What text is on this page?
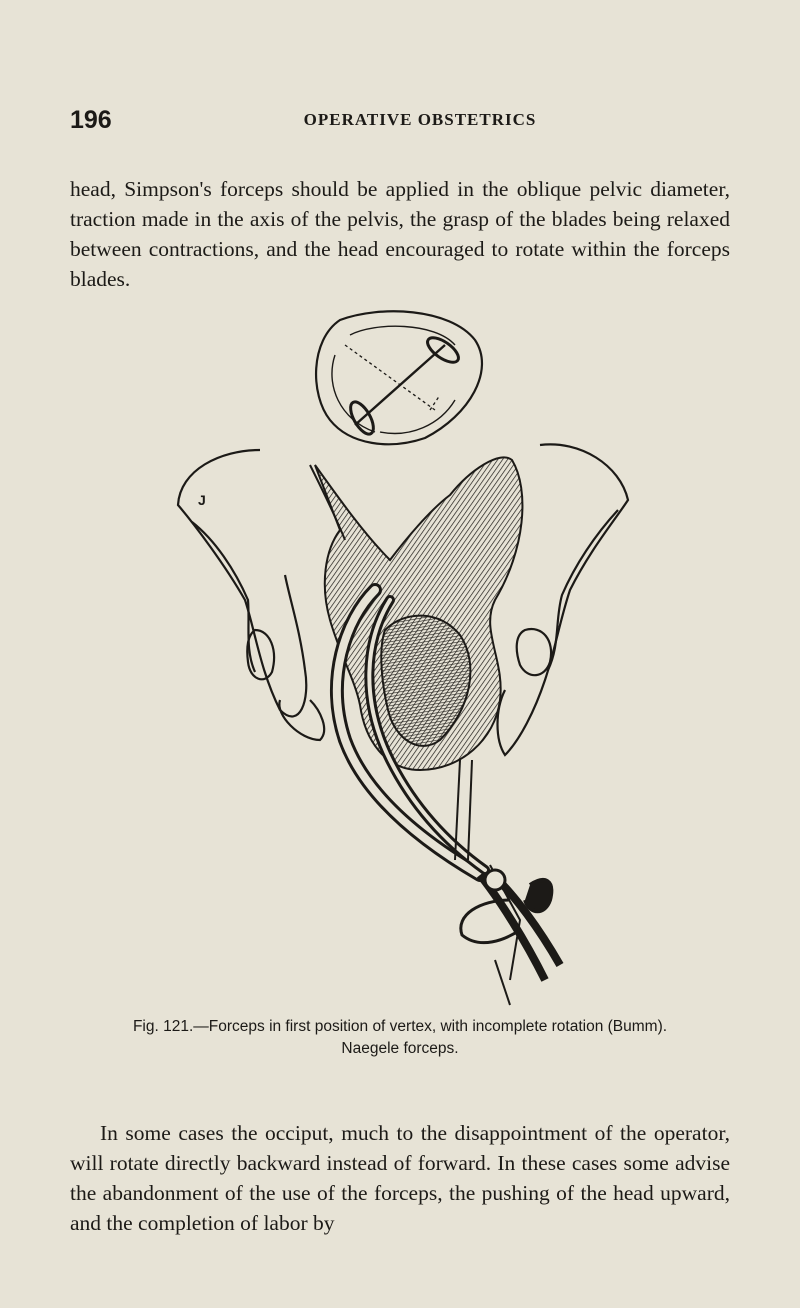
196	OPERATIVE OBSTETRICS

head, Simpson's forceps should be applied in the oblique pelvic diameter, traction made in the axis of the pelvis, the grasp of the blades being relaxed between contractions, and the head encouraged to rotate within the forceps blades.

J
Fig. 121.—Forceps in first position of vertex, with incomplete rotation (Bumm).
Naegele forceps.

In some cases the occiput, much to the disappointment of the operator, will rotate directly backward instead of forward. In these cases some advise the abandonment of the use of the forceps, the pushing of the head upward, and the completion of labor by
